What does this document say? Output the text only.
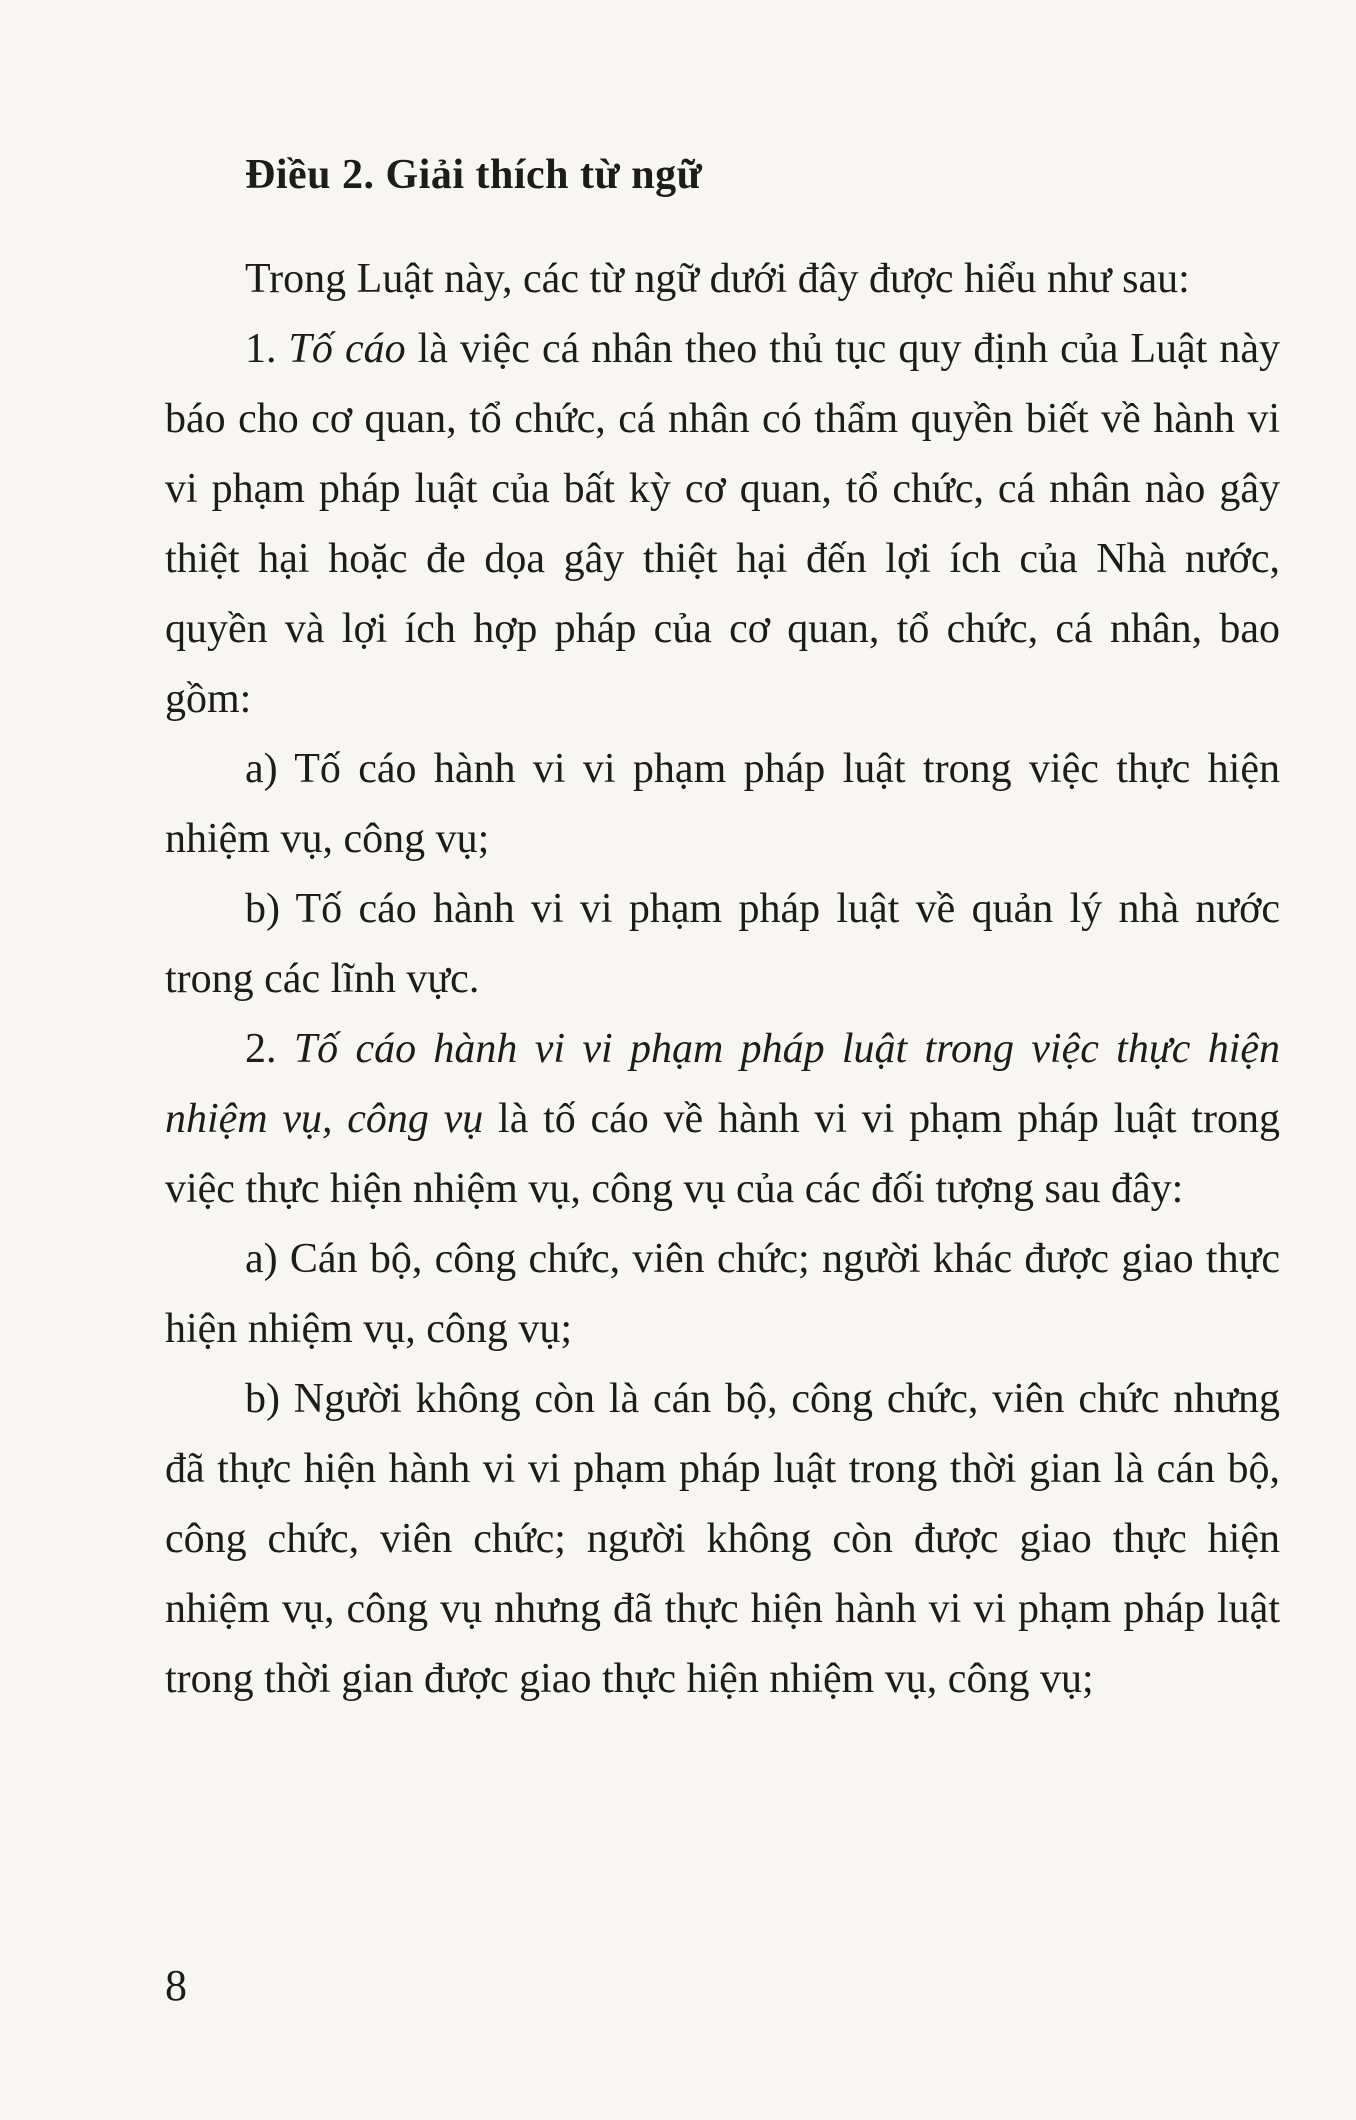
Điều 2. Giải thích từ ngữ

Trong Luật này, các từ ngữ dưới đây được hiểu như sau:

1. Tố cáo là việc cá nhân theo thủ tục quy định của Luật này báo cho cơ quan, tổ chức, cá nhân có thẩm quyền biết về hành vi vi phạm pháp luật của bất kỳ cơ quan, tổ chức, cá nhân nào gây thiệt hại hoặc đe dọa gây thiệt hại đến lợi ích của Nhà nước, quyền và lợi ích hợp pháp của cơ quan, tổ chức, cá nhân, bao gồm:

a) Tố cáo hành vi vi phạm pháp luật trong việc thực hiện nhiệm vụ, công vụ;

b) Tố cáo hành vi vi phạm pháp luật về quản lý nhà nước trong các lĩnh vực.

2. Tố cáo hành vi vi phạm pháp luật trong việc thực hiện nhiệm vụ, công vụ là tố cáo về hành vi vi phạm pháp luật trong việc thực hiện nhiệm vụ, công vụ của các đối tượng sau đây:

a) Cán bộ, công chức, viên chức; người khác được giao thực hiện nhiệm vụ, công vụ;

b) Người không còn là cán bộ, công chức, viên chức nhưng đã thực hiện hành vi vi phạm pháp luật trong thời gian là cán bộ, công chức, viên chức; người không còn được giao thực hiện nhiệm vụ, công vụ nhưng đã thực hiện hành vi vi phạm pháp luật trong thời gian được giao thực hiện nhiệm vụ, công vụ;

8
